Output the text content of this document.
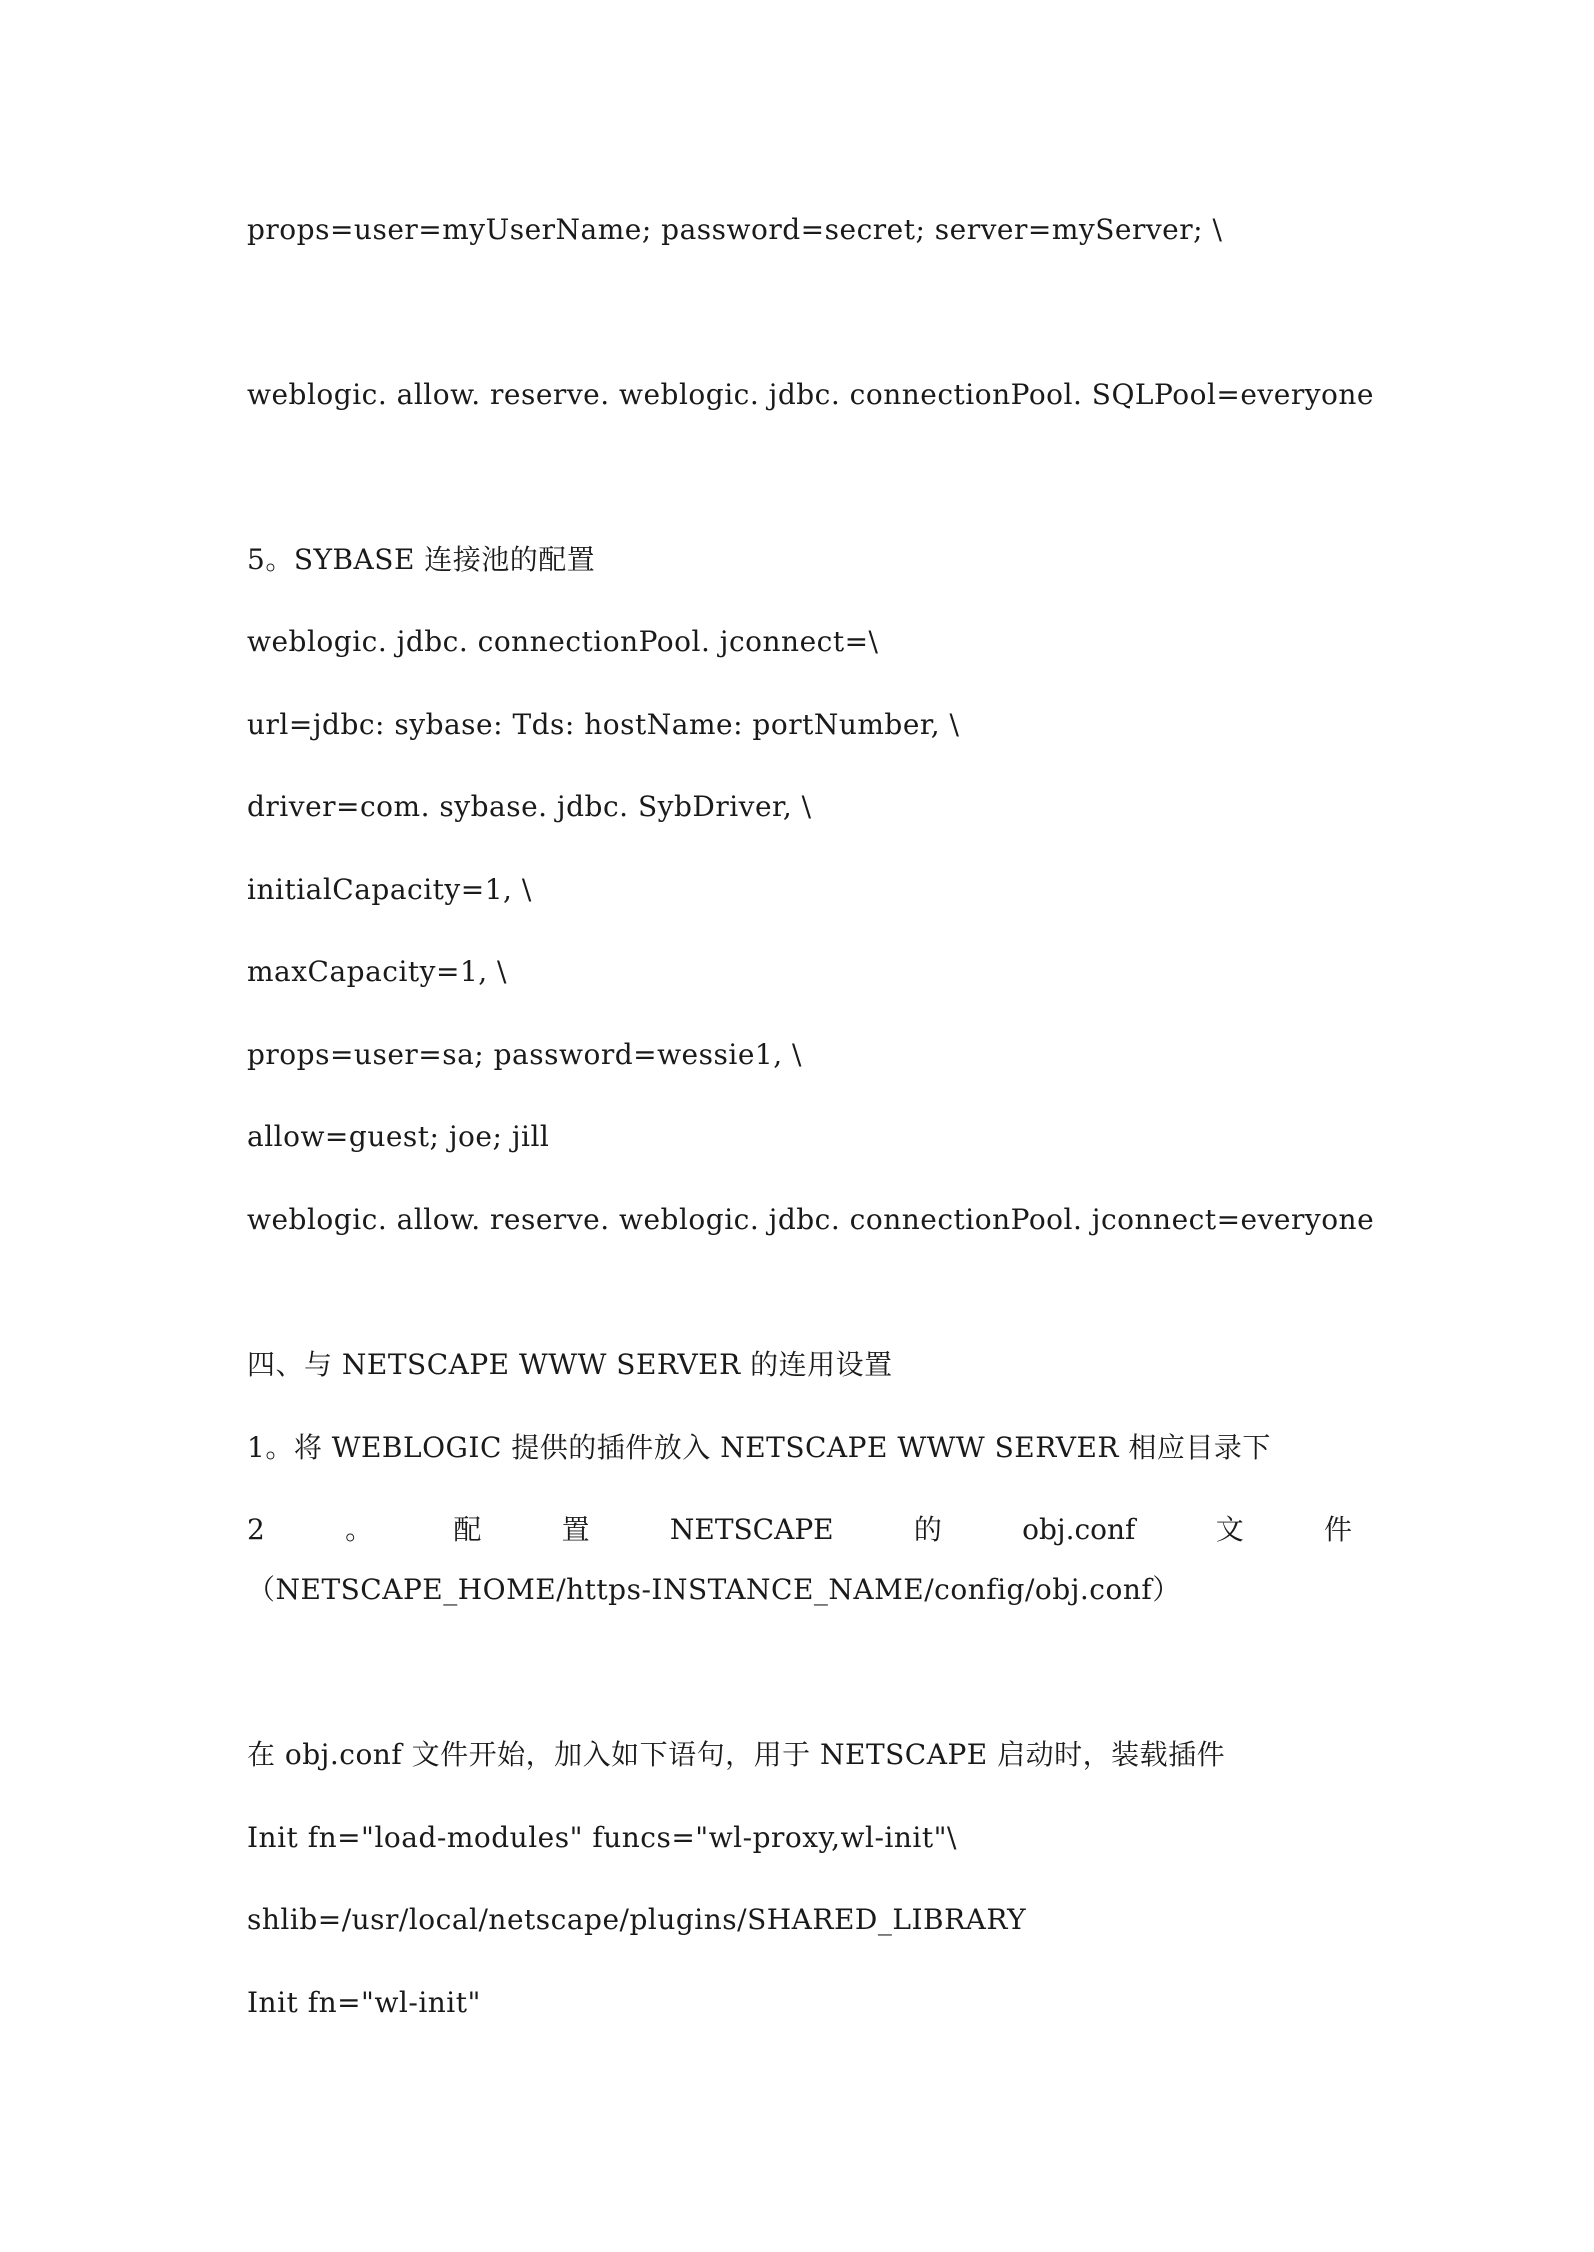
props=user=myUserName; password=secret; server=myServer; \
weblogic. allow. reserve. weblogic. jdbc. connectionPool. SQLPool=everyone
5。SYBASE 连接池的配置
weblogic. jdbc. connectionPool. jconnect=\
url=jdbc: sybase: Tds: hostName: portNumber, \
driver=com. sybase. jdbc. SybDriver, \
initialCapacity=1, \
maxCapacity=1, \
props=user=sa; password=wessie1, \
allow=guest; joe; jill
weblogic. allow. reserve. weblogic. jdbc. connectionPool. jconnect=everyone
四、与 NETSCAPE WWW SERVER 的连用设置
1。将 WEBLOGIC 提供的插件放入 NETSCAPE WWW SERVER 相应目录下
2	。	配	置	NETSCAPE	的	obj.conf	文	件
（NETSCAPE_HOME/https-INSTANCE_NAME/config/obj.conf）
在 obj.conf 文件开始，加入如下语句，用于 NETSCAPE 启动时，装载插件
Init fn="load-modules" funcs="wl-proxy,wl-init"\
shlib=/usr/local/netscape/plugins/SHARED_LIBRARY
Init fn="wl-init"
